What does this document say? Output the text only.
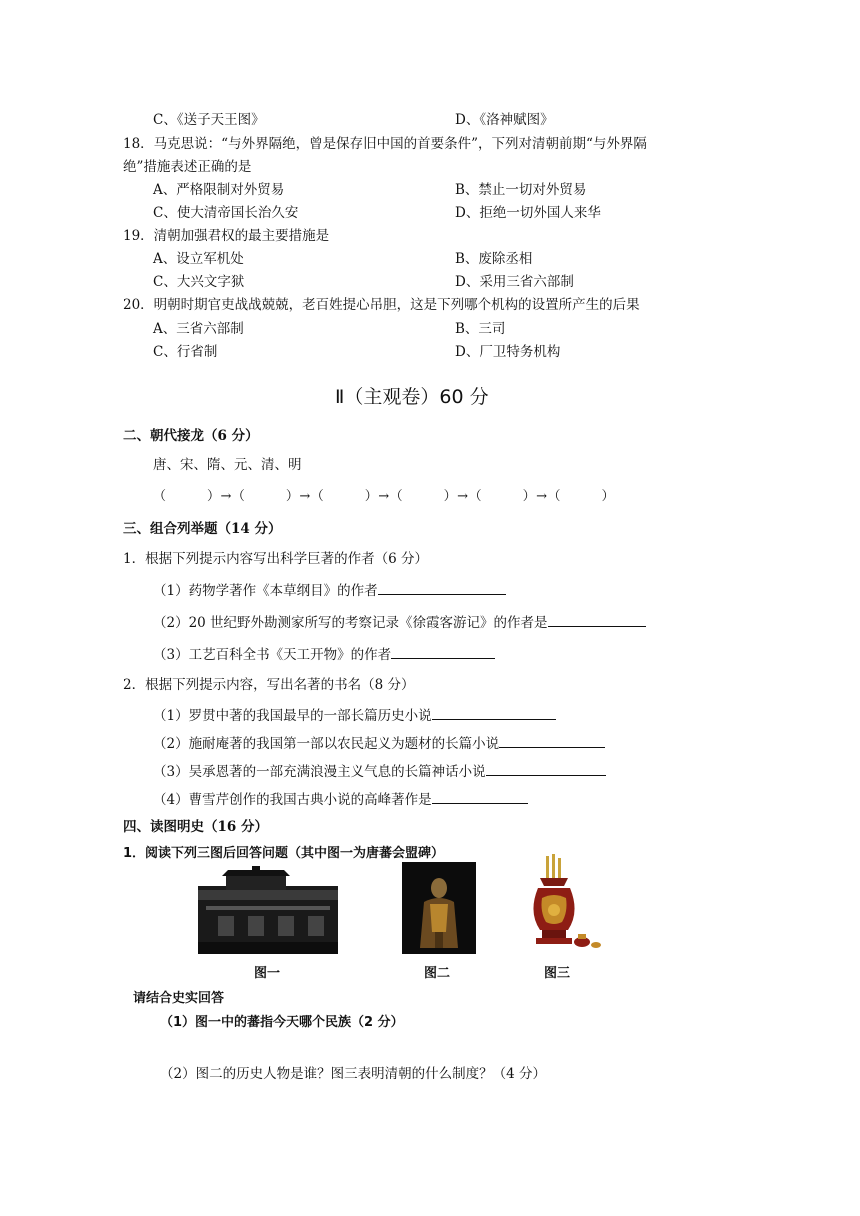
C、《送子天王图》	D、《洛神赋图》
18．马克思说：“与外界隔绝，曾是保存旧中国的首要条件”，下列对清朝前期“与外界隔
绝”措施表述正确的是
A、严格限制对外贸易	B、禁止一切对外贸易
C、使大清帝国长治久安	D、拒绝一切外国人来华
19．清朝加强君权的最主要措施是
A、设立军机处	B、废除丞相
C、大兴文字狱	D、采用三省六部制
20．明朝时期官吏战战兢兢，老百姓提心吊胆，这是下列哪个机构的设置所产生的后果
A、三省六部制	B、三司
C、行省制	D、厂卫特务机构
Ⅱ（主观卷）60 分
二、朝代接龙（6 分）
唐、宋、隋、元、清、明
（　　　）→（　　　）→（　　　）→（　　　）→（　　　）→（　　　）
三、组合列举题（14 分）
1．根据下列提示内容写出科学巨著的作者（6 分）
（1）药物学著作《本草纲目》的作者
（2）20 世纪野外勘测家所写的考察记录《徐霞客游记》的作者是
（3）工艺百科全书《天工开物》的作者
2．根据下列提示内容，写出名著的书名（8 分）
（1）罗贯中著的我国最早的一部长篇历史小说
（2）施耐庵著的我国第一部以农民起义为题材的长篇小说
（3）吴承恩著的一部充满浪漫主义气息的长篇神话小说
（4）曹雪芹创作的我国古典小说的高峰著作是
四、读图明史（16 分）
1．阅读下列三图后回答问题（其中图一为唐蕃会盟碑）
图一	图二	图三
请结合史实回答
（1）图一中的蕃指今天哪个民族（2 分）
（2）图二的历史人物是谁？图三表明清朝的什么制度？（4 分）
